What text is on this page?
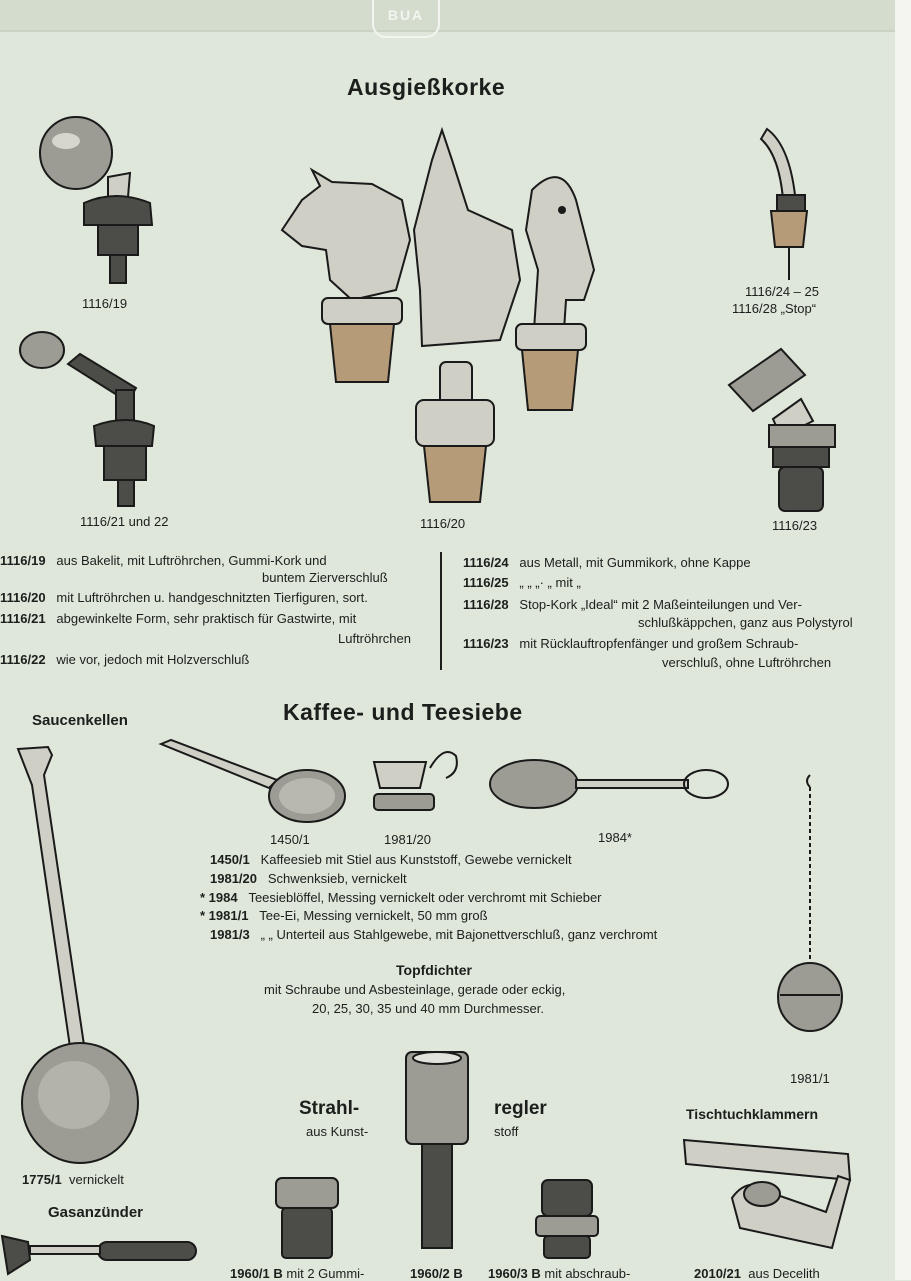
BUA
Ausgießkorke
1116/19
1116/21 und 22	1116/20
1116/24 – 25
1116/28 „Stop“
1116/23
1116/19 aus Bakelit, mit Luftröhrchen, Gummi-Kork und
buntem Zierverschluß
1116/20 mit Luftröhrchen u. handgeschnitzten Tierfiguren, sort.
1116/21 abgewinkelte Form, sehr praktisch für Gastwirte, mit
Luftröhrchen
1116/22 wie vor, jedoch mit Holzverschluß
1116/24 aus Metall, mit Gummikork, ohne Kappe
1116/25 „ „ „· „ mit „
1116/28 Stop-Kork „Ideal“ mit 2 Maßeinteilungen und Ver-
schlußkäppchen, ganz aus Polystyrol
1116/23 mit Rücklauftropfenfänger und großem Schraub-
verschluß, ohne Luftröhrchen
Saucenkellen
1775/1 vernickelt
Gasanzünder
Kaffee- und Teesiebe
1450/1	1981/20	1984*
1450/1 Kaffeesieb mit Stiel aus Kunststoff, Gewebe vernickelt
1981/20 Schwenksieb, vernickelt
* 1984 Teesieblöffel, Messing vernickelt oder verchromt mit Schieber
* 1981/1 Tee-Ei, Messing vernickelt, 50 mm groß
1981/3 „ „ Unterteil aus Stahlgewebe, mit Bajonettverschluß, ganz verchromt
1981/1
Topfdichter
mit Schraube und Asbesteinlage, gerade oder eckig,
20, 25, 30, 35 und 40 mm Durchmesser.
Strahl-
aus Kunst-
regler
stoff
1960/1 B mit 2 Gummi-	1960/2 B 1960/3 B mit abschraub-
Tischtuchklammern
2010/21 aus Decelith
